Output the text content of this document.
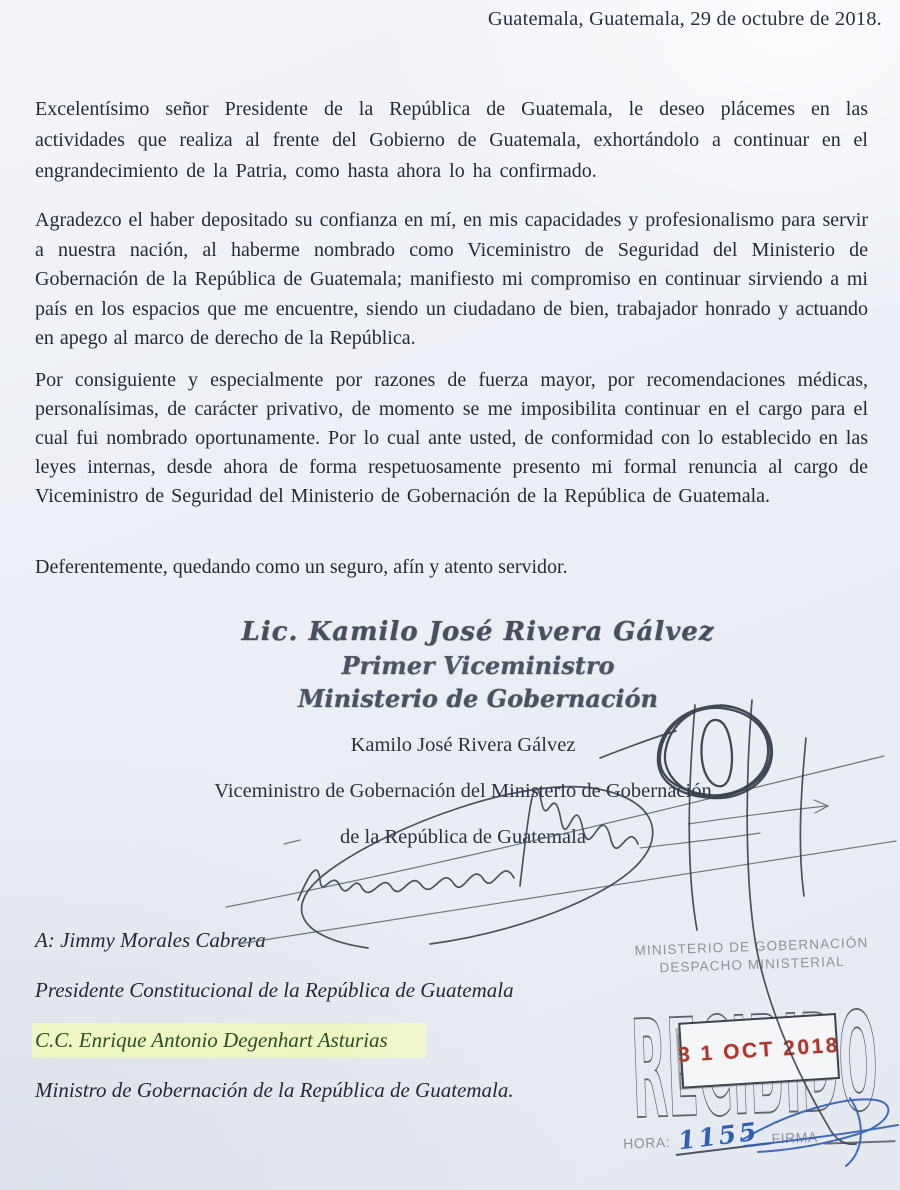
Guatemala, Guatemala, 29 de octubre de 2018.
Excelentísimo señor Presidente de la República de Guatemala, le deseo plácemes en las actividades que realiza al frente del Gobierno de Guatemala, exhortándolo a continuar en el engrandecimiento de la Patria, como hasta ahora lo ha confirmado.
Agradezco el haber depositado su confianza en mí, en mis capacidades y profesionalismo para servir a nuestra nación, al haberme nombrado como Viceministro de Seguridad del Ministerio de Gobernación de la República de Guatemala; manifiesto mi compromiso en continuar sirviendo a mi país en los espacios que me encuentre, siendo un ciudadano de bien, trabajador honrado y actuando en apego al marco de derecho de la República.
Por consiguiente y especialmente por razones de fuerza mayor, por recomendaciones médicas, personalísimas, de carácter privativo, de momento se me imposibilita continuar en el cargo para el cual fui nombrado oportunamente. Por lo cual ante usted, de conformidad con lo establecido en las leyes internas, desde ahora de forma respetuosamente presento mi formal renuncia al cargo de Viceministro de Seguridad del Ministerio de Gobernación de la República de Guatemala.
Deferentemente, quedando como un seguro, afín y atento servidor.
Lic. Kamilo José Rivera Gálvez
Primer Viceministro
Ministerio de Gobernación
Kamilo José Rivera Gálvez
Viceministro de Gobernación del Ministerio de Gobernación
de la República de Guatemala
A: Jimmy Morales Cabrera
Presidente Constitucional de la República de Guatemala
C.C. Enrique Antonio Degenhart Asturias
Ministro de Gobernación de la República de Guatemala.
MINISTERIO DE GOBERNACIÓN
DESPACHO MINISTERIAL
3 1 OCT 2018
HORA: 1155 FIRMA
